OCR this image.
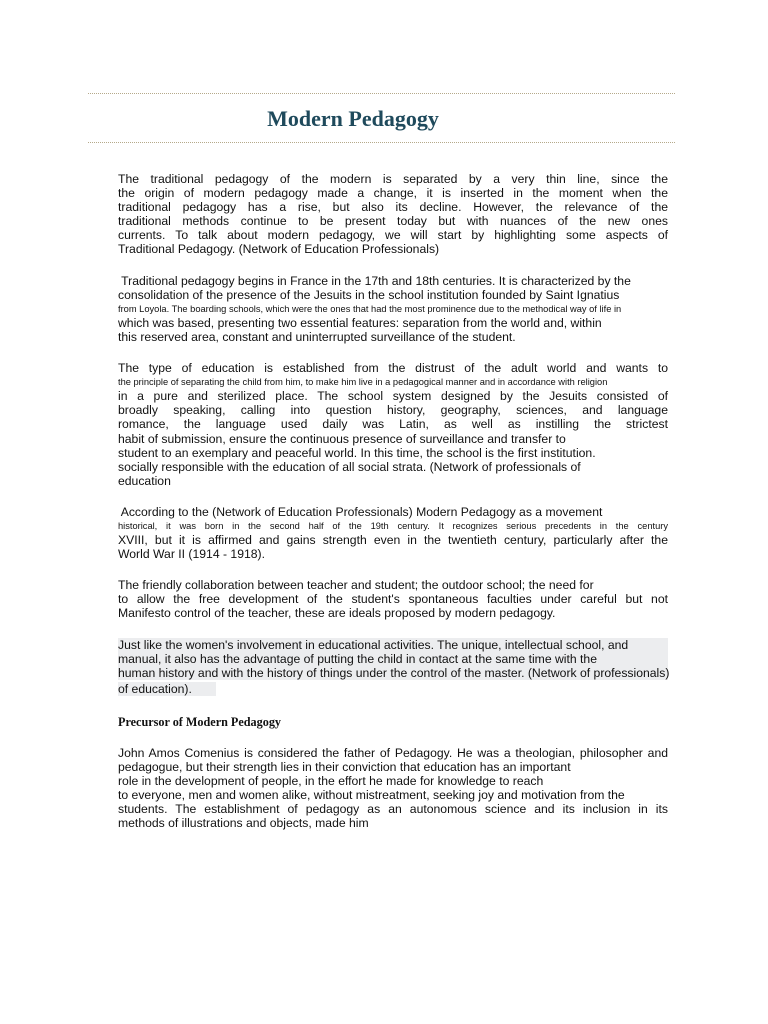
Modern Pedagogy
The traditional pedagogy of the modern is separated by a very thin line, since the
the origin of modern pedagogy made a change, it is inserted in the moment when the
traditional pedagogy has a rise, but also its decline. However, the relevance of the
traditional methods continue to be present today but with nuances of the new ones
currents. To talk about modern pedagogy, we will start by highlighting some aspects of
Traditional Pedagogy. (Network of Education Professionals)
Traditional pedagogy begins in France in the 17th and 18th centuries. It is characterized by the
consolidation of the presence of the Jesuits in the school institution founded by Saint Ignatius
from Loyola. The boarding schools, which were the ones that had the most prominence due to the methodical way of life in
which was based, presenting two essential features: separation from the world and, within
this reserved area, constant and uninterrupted surveillance of the student.
The type of education is established from the distrust of the adult world and wants to
the principle of separating the child from him, to make him live in a pedagogical manner and in accordance with religion
in a pure and sterilized place. The school system designed by the Jesuits consisted of
broadly speaking, calling into question history, geography, sciences, and language
romance, the language used daily was Latin, as well as instilling the strictest
habit of submission, ensure the continuous presence of surveillance and transfer to
student to an exemplary and peaceful world. In this time, the school is the first institution.
socially responsible with the education of all social strata. (Network of professionals of
education
According to the (Network of Education Professionals) Modern Pedagogy as a movement
historical, it was born in the second half of the 19th century. It recognizes serious precedents in the century
XVIII, but it is affirmed and gains strength even in the twentieth century, particularly after the
World War II (1914 - 1918).
The friendly collaboration between teacher and student; the outdoor school; the need for
to allow the free development of the student's spontaneous faculties under careful but not
Manifesto control of the teacher, these are ideals proposed by modern pedagogy.
Just like the women's involvement in educational activities. The unique, intellectual school, and
manual, it also has the advantage of putting the child in contact at the same time with the
human history and with the history of things under the control of the master. (Network of professionals)
of education).
Precursor of Modern Pedagogy
John Amos Comenius is considered the father of Pedagogy. He was a theologian, philosopher and
pedagogue, but their strength lies in their conviction that education has an important
role in the development of people, in the effort he made for knowledge to reach
to everyone, men and women alike, without mistreatment, seeking joy and motivation from the
students. The establishment of pedagogy as an autonomous science and its inclusion in its
methods of illustrations and objects, made him
